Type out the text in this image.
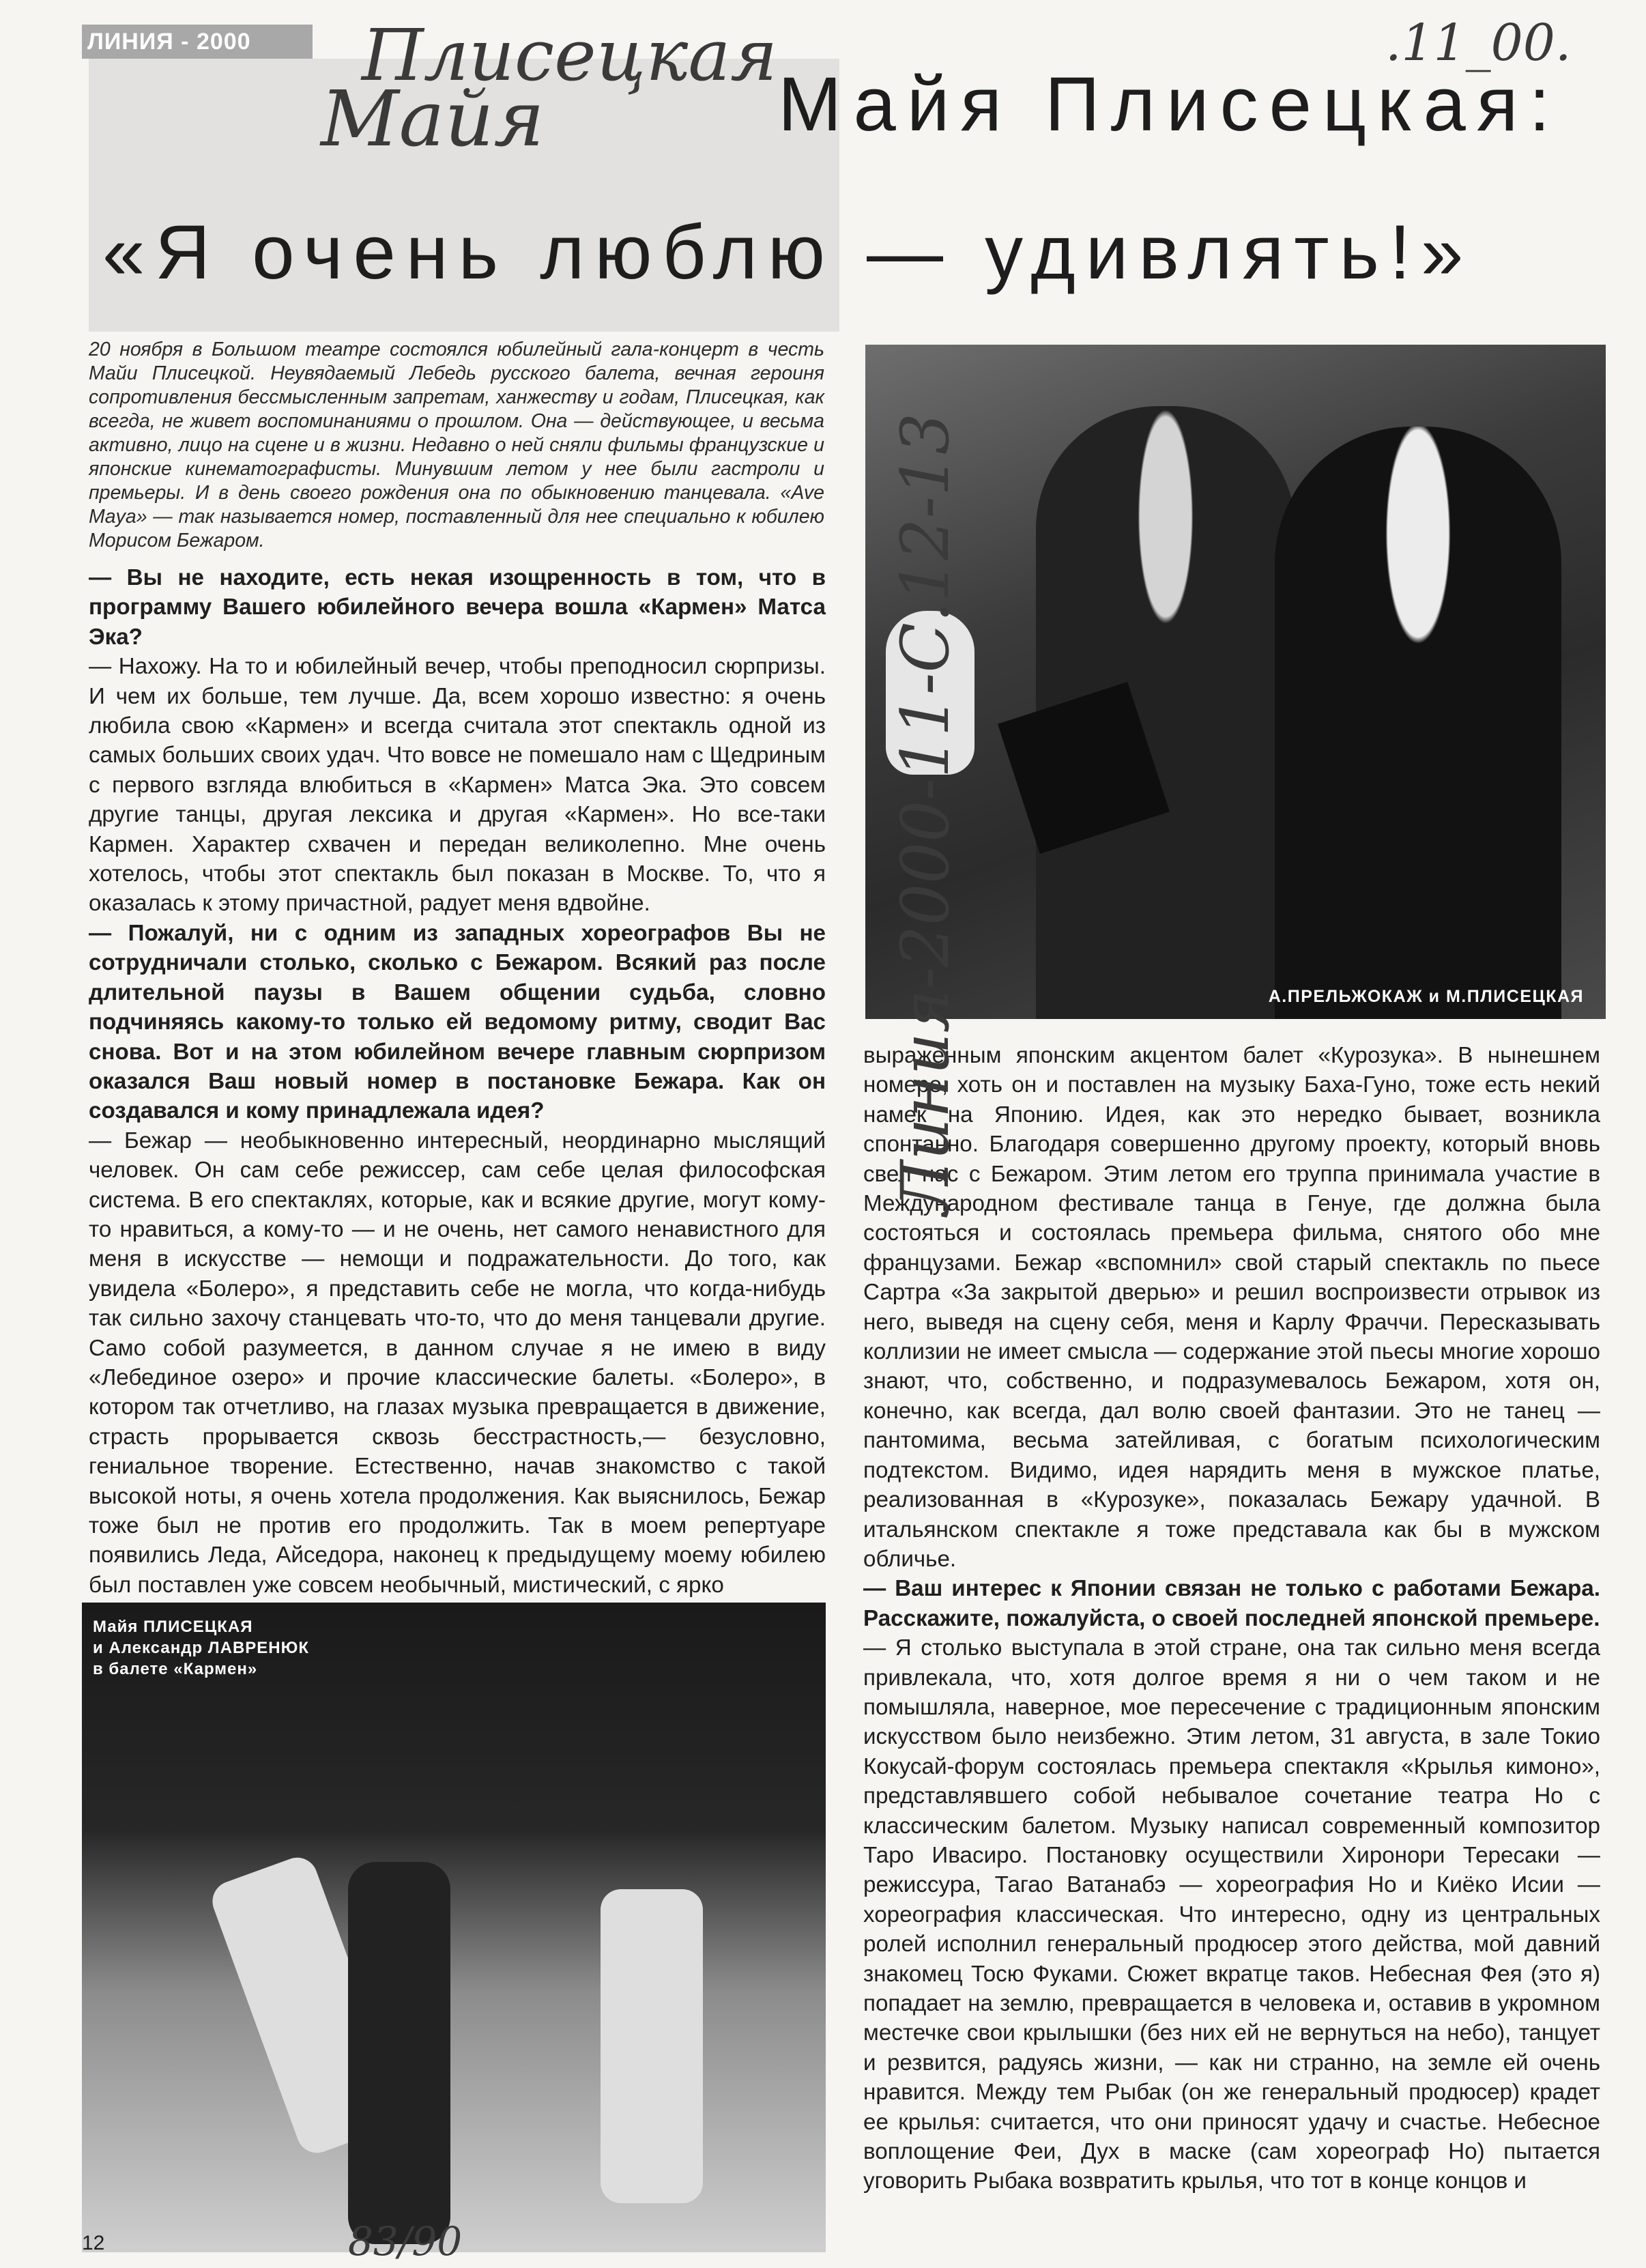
ЛИНИЯ - 2000	Плисецкая
Майя
.11_00.
Майя Плисецкая:
«Я очень люблю — удивлять!»
20 ноября в Большом театре состоялся юбилейный гала-концерт в честь Майи Плисецкой. Неувядаемый Лебедь русского балета, вечная героиня сопротивления бессмысленным запретам, ханжеству и годам, Плисецкая, как всегда, не живет воспоминаниями о прошлом. Она — действующее, и весьма активно, лицо на сцене и в жизни. Недавно о ней сняли фильмы французские и японские кинематографисты. Минувшим летом у нее были гастроли и премьеры. И в день своего рождения она по обыкновению танцевала. «Ave Maya» — так называется номер, поставленный для нее специально к юбилею Морисом Бежаром.

— Вы не находите, есть некая изощренность в том, что в программу Вашего юбилейного вечера вошла «Кармен» Матса Эка?

— Нахожу. На то и юбилейный вечер, чтобы преподносил сюрпризы. И чем их больше, тем лучше. Да, всем хорошо известно: я очень любила свою «Кармен» и всегда считала этот спектакль одной из самых больших своих удач. Что вовсе не помешало нам с Щедриным с первого взгляда влюбиться в «Кармен» Матса Эка. Это совсем другие танцы, другая лексика и другая «Кармен». Но все-таки Кармен. Характер схвачен и передан великолепно. Мне очень хотелось, чтобы этот спектакль был показан в Москве. То, что я оказалась к этому причастной, радует меня вдвойне.

— Пожалуй, ни с одним из западных хореографов Вы не сотрудничали столько, сколько с Бежаром. Всякий раз после длительной паузы в Вашем общении судьба, словно подчиняясь какому-то только ей ведомому ритму, сводит Вас снова. Вот и на этом юбилейном вечере главным сюрпризом оказался Ваш новый номер в постановке Бежара. Как он создавался и кому принадлежала идея?

— Бежар — необыкновенно интересный, неординарно мыслящий человек. Он сам себе режиссер, сам себе целая философская система. В его спектаклях, которые, как и всякие другие, могут кому-то нравиться, а кому-то — и не очень, нет самого ненавистного для меня в искусстве — немощи и подражательности. До того, как увидела «Болеро», я представить себе не могла, что когда-нибудь так сильно захочу станцевать что-то, что до меня танцевали другие. Само собой разумеется, в данном случае я не имею в виду «Лебединое озеро» и прочие классические балеты. «Болеро», в котором так отчетливо, на глазах музыка превращается в движение, страсть прорывается сквозь бесстрастность,— безусловно, гениальное творение. Естественно, начав знакомство с такой высокой ноты, я очень хотела продолжения. Как выяснилось, Бежар тоже был не против его продолжить. Так в моем репертуаре появились Леда, Айседора, наконец к предыдущему моему юбилею был поставлен уже совсем необычный, мистический, с ярко

А.ПРЕЛЬЖОКАЖ и М.ПЛИСЕЦКАЯ

выраженным японским акцентом балет «Курозука». В нынешнем номере, хоть он и поставлен на музыку Баха-Гуно, тоже есть некий намек на Японию. Идея, как это нередко бывает, возникла спонтанно. Благодаря совершенно другому проекту, который вновь свел нас с Бежаром. Этим летом его труппа принимала участие в Международном фестивале танца в Генуе, где должна была состояться и состоялась премьера фильма, снятого обо мне французами. Бежар «вспомнил» свой старый спектакль по пьесе Сартра «За закрытой дверью» и решил воспроизвести отрывок из него, выведя на сцену себя, меня и Карлу Фраччи. Пересказывать коллизии не имеет смысла — содержание этой пьесы многие хорошо знают, что, собственно, и подразумевалось Бежаром, хотя он, конечно, как всегда, дал волю своей фантазии. Это не танец — пантомима, весьма затейливая, с богатым психологическим подтекстом. Видимо, идея нарядить меня в мужское платье, реализованная в «Курозуке», показалась Бежару удачной. В итальянском спектакле я тоже представала как бы в мужском обличье.

— Ваш интерес к Японии связан не только с работами Бежара. Расскажите, пожалуйста, о своей последней японской премьере.

— Я столько выступала в этой стране, она так сильно меня всегда привлекала, что, хотя долгое время я ни о чем таком и не помышляла, наверное, мое пересечение с традиционным японским искусством было неизбежно. Этим летом, 31 августа, в зале Токио Кокусай-форум состоялась премьера спектакля «Крылья кимоно», представлявшего собой небывалое сочетание театра Но с классическим балетом. Музыку написал современный композитор Таро Ивасиро. Постановку осуществили Хиронори Тересаки — режиссура, Тагао Ватанабэ — хореография Но и Киёко Исии — хореография классическая. Что интересно, одну из центральных ролей исполнил генеральный продюсер этого действа, мой давний знакомец Тосю Фуками. Сюжет вкратце таков. Небесная Фея (это я) попадает на землю, превращается в человека и, оставив в укромном местечке свои крылышки (без них ей не вернуться на небо), танцует и резвится, радуясь жизни, — как ни странно, на земле ей очень нравится. Между тем Рыбак (он же генеральный продюсер) крадет ее крылья: считается, что они приносят удачу и счастье. Небесное воплощение Феи, Дух в маске (сам хореограф Но) пытается уговорить Рыбака возвратить крылья, что тот в конце концов и

Майя ПЛИСЕЦКАЯ
и Александр ЛАВРЕНЮК
в балете «Кармен»
Линия-2000-11-С.12-13
12	83/90
